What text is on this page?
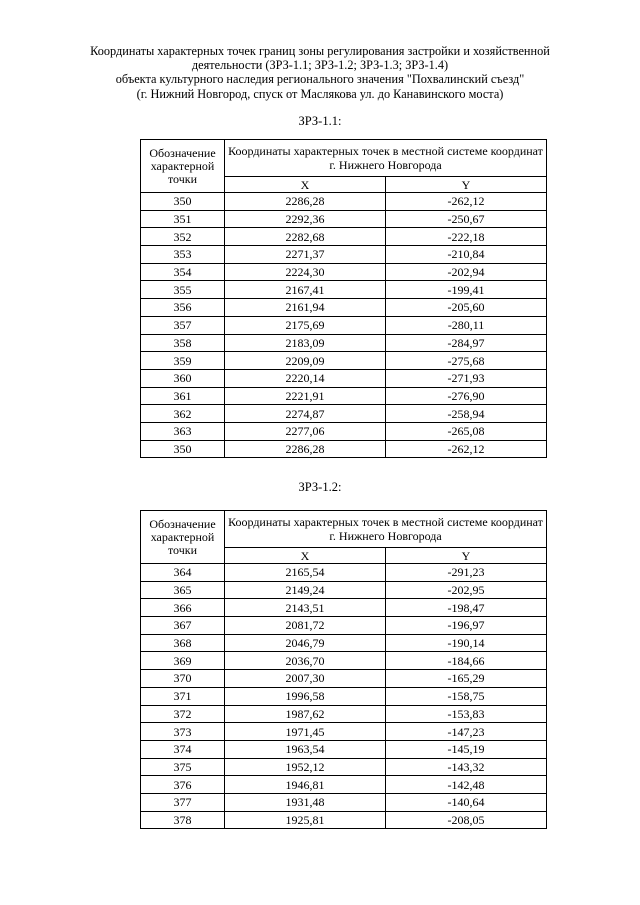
Координаты характерных точек границ зоны регулирования застройки и хозяйственной
деятельности (ЗРЗ-1.1; ЗРЗ-1.2; ЗРЗ-1.3; ЗРЗ-1.4)
объекта культурного наследия регионального значения "Похвалинский съезд"
(г. Нижний Новгород, спуск от Маслякова ул. до Канавинского моста)
ЗРЗ-1.1:
Обозначение характерной точки	Координаты характерных точек в местной системе координат г. Нижнего Новгорода	
	X	Y
350	2286,28	-262,12
351	2292,36	-250,67
352	2282,68	-222,18
353	2271,37	-210,84
354	2224,30	-202,94
355	2167,41	-199,41
356	2161,94	-205,60
357	2175,69	-280,11
358	2183,09	-284,97
359	2209,09	-275,68
360	2220,14	-271,93
361	2221,91	-276,90
362	2274,87	-258,94
363	2277,06	-265,08
350	2286,28	-262,12
ЗРЗ-1.2:
Обозначение характерной точки	Координаты характерных точек в местной системе координат г. Нижнего Новгорода	
	X	Y
364	2165,54	-291,23
365	2149,24	-202,95
366	2143,51	-198,47
367	2081,72	-196,97
368	2046,79	-190,14
369	2036,70	-184,66
370	2007,30	-165,29
371	1996,58	-158,75
372	1987,62	-153,83
373	1971,45	-147,23
374	1963,54	-145,19
375	1952,12	-143,32
376	1946,81	-142,48
377	1931,48	-140,64
378	1925,81	-208,05
